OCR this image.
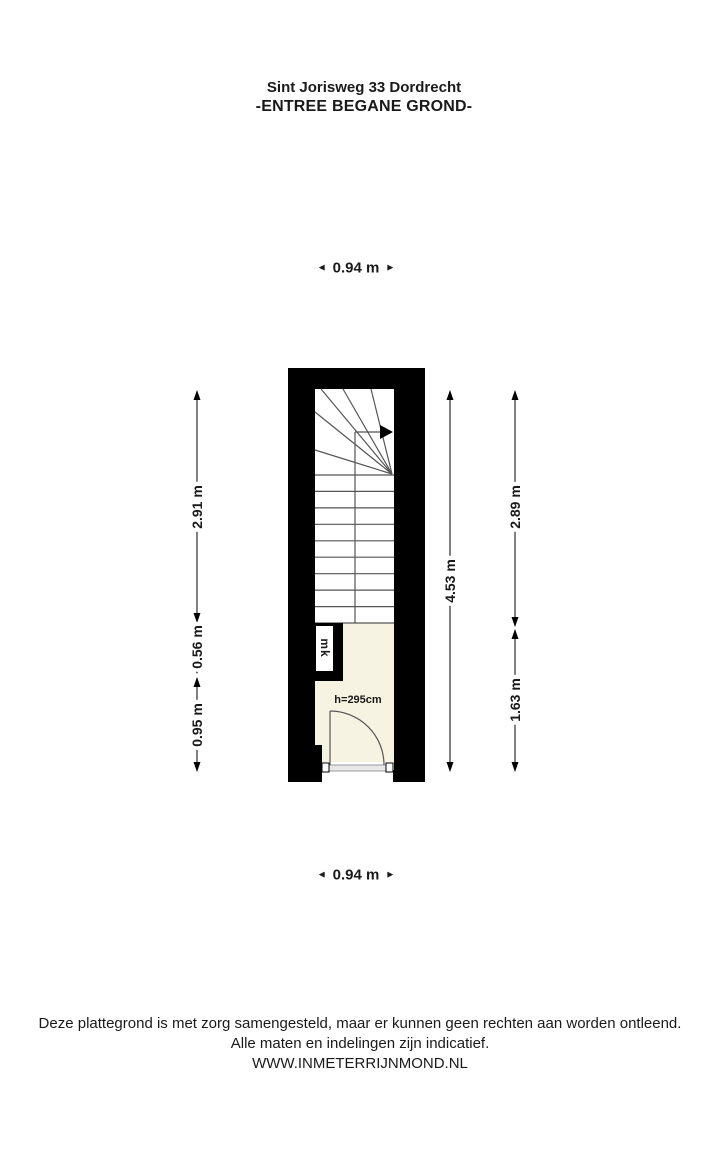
Sint Jorisweg 33 Dordrecht
-ENTREE BEGANE GROND-
◄ 0.94 m ►
2.91 m
0.56 m
0.95 m
4.53 m
2.89 m
1.63 m
mk
h=295cm
◄ 0.94 m ►
Deze plattegrond is met zorg samengesteld, maar er kunnen geen rechten aan worden ontleend.
Alle maten en indelingen zijn indicatief.
WWW.INMETERRIJNMOND.NL
